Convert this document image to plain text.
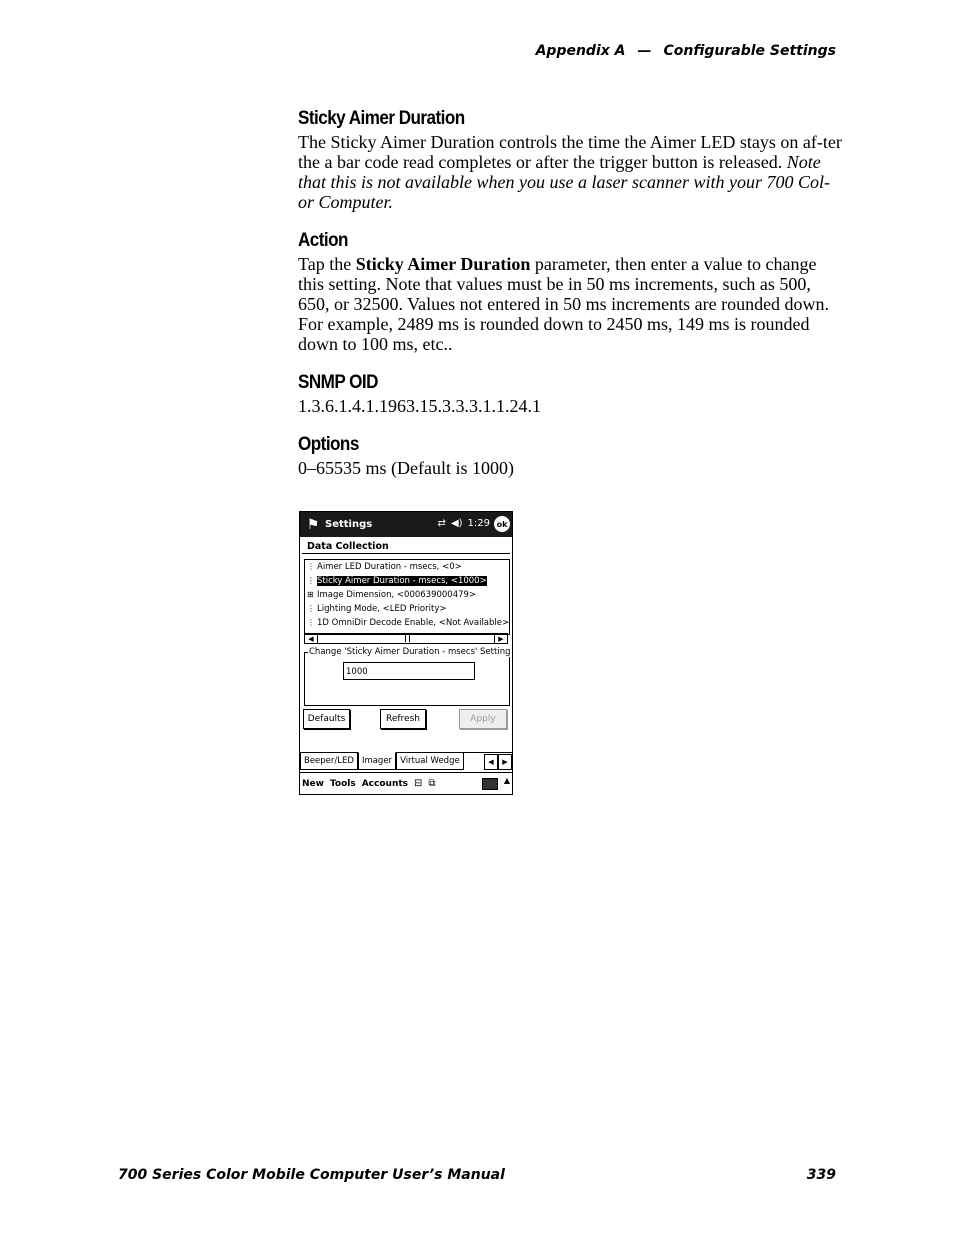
Appendix A — Configurable Settings
Sticky Aimer Duration

The Sticky Aimer Duration controls the time the Aimer LED stays on af-ter the a bar code read completes or after the trigger button is released. Note that this is not available when you use a laser scanner with your 700 Col-or Computer.

Action

Tap the Sticky Aimer Duration parameter, then enter a value to change this setting. Note that values must be in 50 ms increments, such as 500, 650, or 32500. Values not entered in 50 ms increments are rounded down. For example, 2489 ms is rounded down to 2450 ms, 149 ms is rounded down to 100 ms, etc..

SNMP OID

1.3.6.1.4.1.1963.15.3.3.3.1.1.24.1

Options

0–65535 ms (Default is 1000)

⚑ Settings	⇄ ◀) 1:29 ok
Data Collection
⋮ Aimer LED Duration - msecs, <0>
⋮ Sticky Aimer Duration - msecs, <1000>
⊞ Image Dimension, <000639000479>
⋮ Lighting Mode, <LED Priority>
⋮ 1D OmniDir Decode Enable, <Not Available>
◀	▶
Change 'Sticky Aimer Duration - msecs' Setting
1000
Defaults	Refresh	Apply
Beeper/LED Imager Virtual Wedge	◀	▶
New Tools Accounts ⊟ ⧉	▲
700 Series Color Mobile Computer User’s Manual	339
